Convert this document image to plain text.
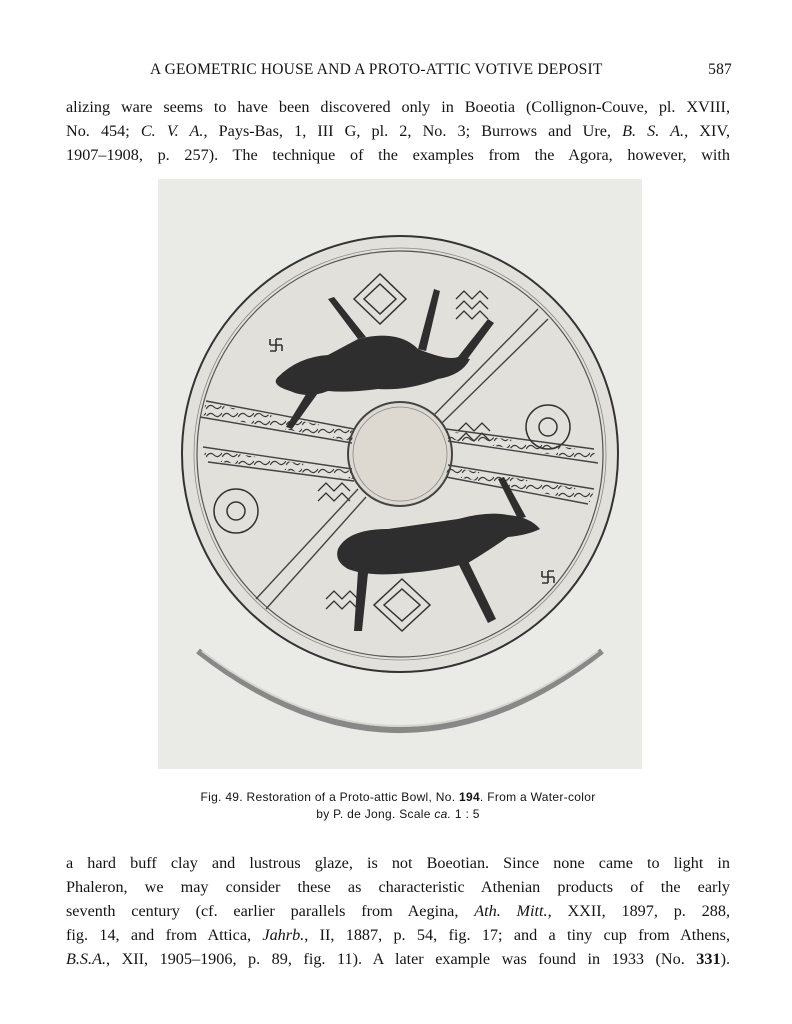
A GEOMETRIC HOUSE AND A PROTO-ATTIC VOTIVE DEPOSIT	587
alizing ware seems to have been discovered only in Boeotia (Collignon-Couve, pl. XVIII,
No. 454; C. V. A., Pays-Bas, 1, III G, pl. 2, No. 3; Burrows and Ure, B. S. A., XIV,
1907–1908, p. 257). The technique of the examples from the Agora, however, with
Fig. 49. Restoration of a Proto-attic Bowl, No. 194. From a Water-color
by P. de Jong. Scale ca. 1 : 5
a hard buff clay and lustrous glaze, is not Boeotian. Since none came to light in
Phaleron, we may consider these as characteristic Athenian products of the early
seventh century (cf. earlier parallels from Aegina, Ath. Mitt., XXII, 1897, p. 288,
fig. 14, and from Attica, Jahrb., II, 1887, p. 54, fig. 17; and a tiny cup from Athens,
B.S.A., XII, 1905–1906, p. 89, fig. 11). A later example was found in 1933 (No. 331).
